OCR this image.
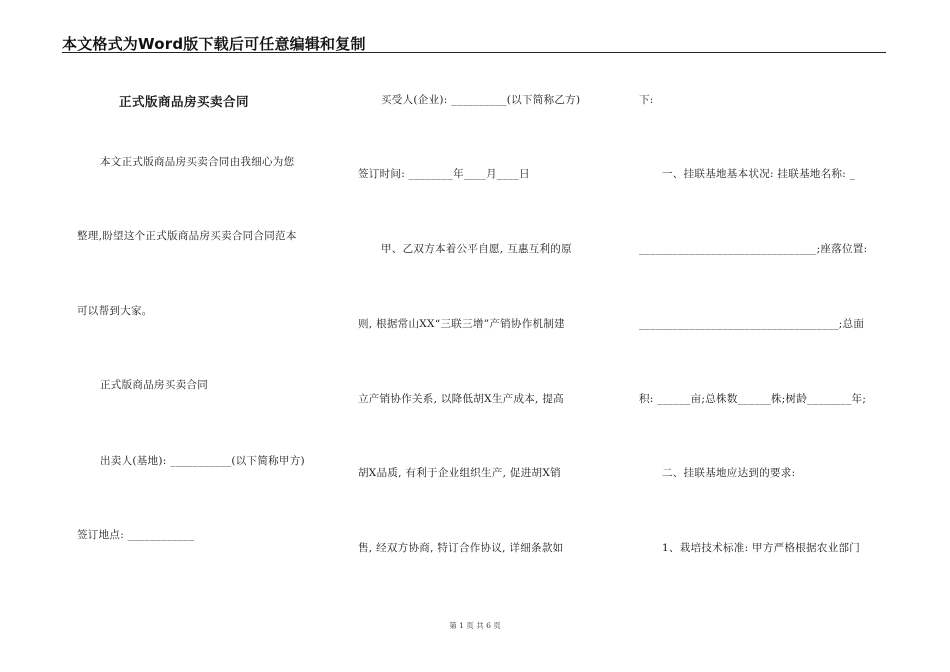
本文格式为Word版下载后可任意编辑和复制
正式版商品房买卖合同
本文正式版商品房买卖合同由我细心为您
整理,盼望这个正式版商品房买卖合同合同范本
可以帮到大家。
正式版商品房买卖合同
出卖人(基地): ___________(以下简称甲方)
签订地点: ____________
买受人(企业): __________(以下简称乙方)
签订时间: ________年____月____日
甲、乙双方本着公平自愿, 互惠互利的原
则, 根据常山XX“三联三增”产销协作机制建
立产销协作关系, 以降低胡X生产成本, 提高
胡X品质, 有利于企业组织生产, 促进胡X销
售, 经双方协商, 特订合作协议, 详细条款如
下:
一、挂联基地基本状况: 挂联基地名称: _
________________________________;座落位置:
____________________________________;总面
积: ______亩;总株数______株;树龄________年;
二、挂联基地应达到的要求:
1、栽培技术标准: 甲方严格根据农业部门
第 1 页 共 6 页
